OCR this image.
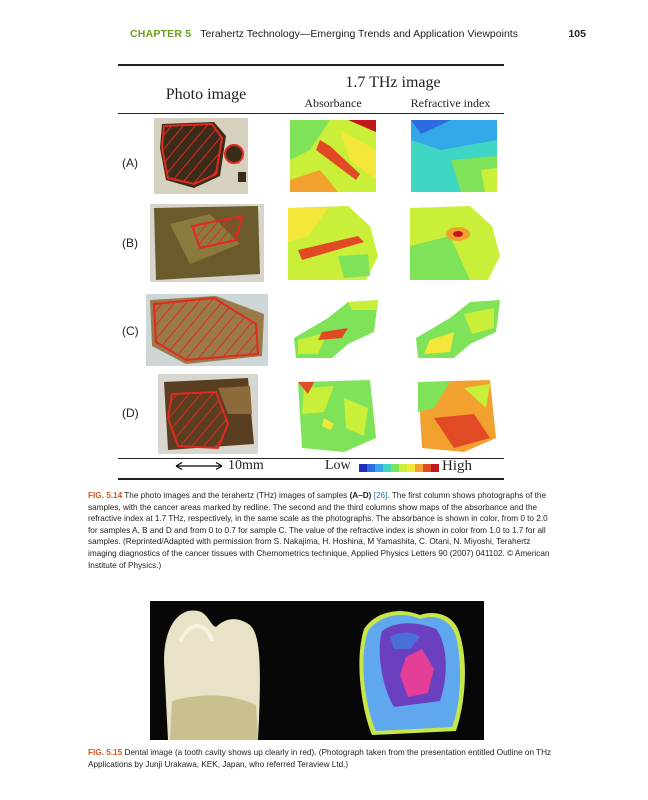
CHAPTER 5 Terahertz Technology—Emerging Trends and Application Viewpoints	105
Photo image
1.7 THz image
Absorbance	Refractive index
(A)
(B)
(C)
(D)
10mm	Low	High
FIG. 5.14 The photo images and the terahertz (THz) images of samples (A–D) [26]. The first column shows photographs of the samples, with the cancer areas marked by redline. The second and the third columns show maps of the absorbance and the refractive index at 1.7 THz, respectively, in the same scale as the photographs. The absorbance is shown in color, from 0 to 2.0 for samples A, B and D and from 0 to 0.7 for sample C. The value of the refractive index is shown in color from 1.0 to 1.7 for all samples. (Reprinted/Adapted with permission from S. Nakajima, H. Hoshina, M Yamashita, C. Otani, N. Miyoshi, Terahertz imaging diagnostics of the cancer tissues with Chemometrics technique, Applied Physics Letters 90 (2007) 041102. © American Institute of Physics.)
FIG. 5.15 Dental image (a tooth cavity shows up clearly in red). (Photograph taken from the presentation entitled Outline on THz Applications by Junji Urakawa, KEK, Japan, who referred Teraview Ltd.)
